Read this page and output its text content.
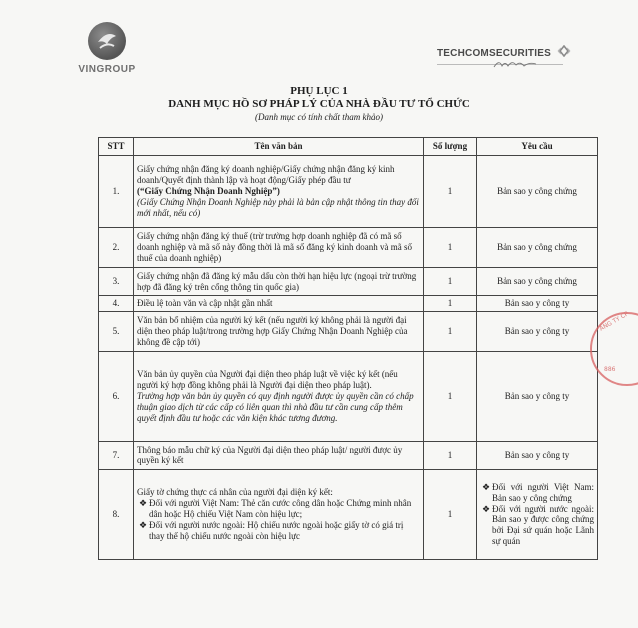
VINGROUP
TECHCOMSECURITIES
PHỤ LỤC 1
DANH MỤC HỒ SƠ PHÁP LÝ CỦA NHÀ ĐẦU TƯ TỔ CHỨC
(Danh mục có tính chất tham khảo)
STT	Tên văn bản	Số lượng	Yêu cầu
1.	Giấy chứng nhận đăng ký doanh nghiệp/Giấy chứng nhận đăng ký kinh doanh/Quyết định thành lập và hoạt động/Giấy phép đầu tư
(“Giấy Chứng Nhận Doanh Nghiệp”)
(Giấy Chứng Nhận Doanh Nghiệp này phải là bản cập nhật thông tin thay đổi mới nhất, nếu có)	1	Bản sao y công chứng
2.	Giấy chứng nhận đăng ký thuế (trừ trường hợp doanh nghiệp đã có mã số doanh nghiệp và mã số này đồng thời là mã số đăng ký kinh doanh và mã số thuế của doanh nghiệp)	1	Bản sao y công chứng
3.	Giấy chứng nhận đã đăng ký mẫu dấu còn thời hạn hiệu lực (ngoại trừ trường hợp đã đăng ký trên cổng thông tin quốc gia)	1	Bản sao y công chứng
4.	Điều lệ toàn văn và cập nhật gần nhất	1	Bản sao y công ty
5.	Văn bản bổ nhiệm của người ký kết (nếu người ký không phải là người đại diện theo pháp luật/trong trường hợp Giấy Chứng Nhận Doanh Nghiệp của không đề cập tới)	1	Bản sao y công ty
6.	Văn bản ủy quyền của Người đại diện theo pháp luật về việc ký kết (nếu người ký hợp đồng không phải là Người đại diện theo pháp luật).
Trường hợp văn bản ủy quyền có quy định người được ủy quyền cần có chấp thuận giao dịch từ các cấp có liên quan thì nhà đầu tư cần cung cấp thêm quyết định đầu tư hoặc các văn kiện khác tương đương.	1	Bản sao y công ty
7.	Thông báo mẫu chữ ký của Người đại diện theo pháp luật/ người được ủy quyền ký kết	1	Bản sao y công ty
8.	Giấy tờ chứng thực cá nhân của người đại diện ký kết:
❖ Đối với người Việt Nam: Thẻ căn cước công dân hoặc Chứng minh nhân dân hoặc Hộ chiếu Việt Nam còn hiệu lực;
❖ Đối với người nước ngoài: Hộ chiếu nước ngoài hoặc giấy tờ có giá trị thay thế hộ chiếu nước ngoài còn hiệu lực	1	❖ Đối với người Việt Nam: Bản sao y công chứng
❖ Đối với người nước ngoài: Bản sao y được công chứng bởi Đại sứ quán hoặc Lãnh sự quán
ÁNG TY CP
886
